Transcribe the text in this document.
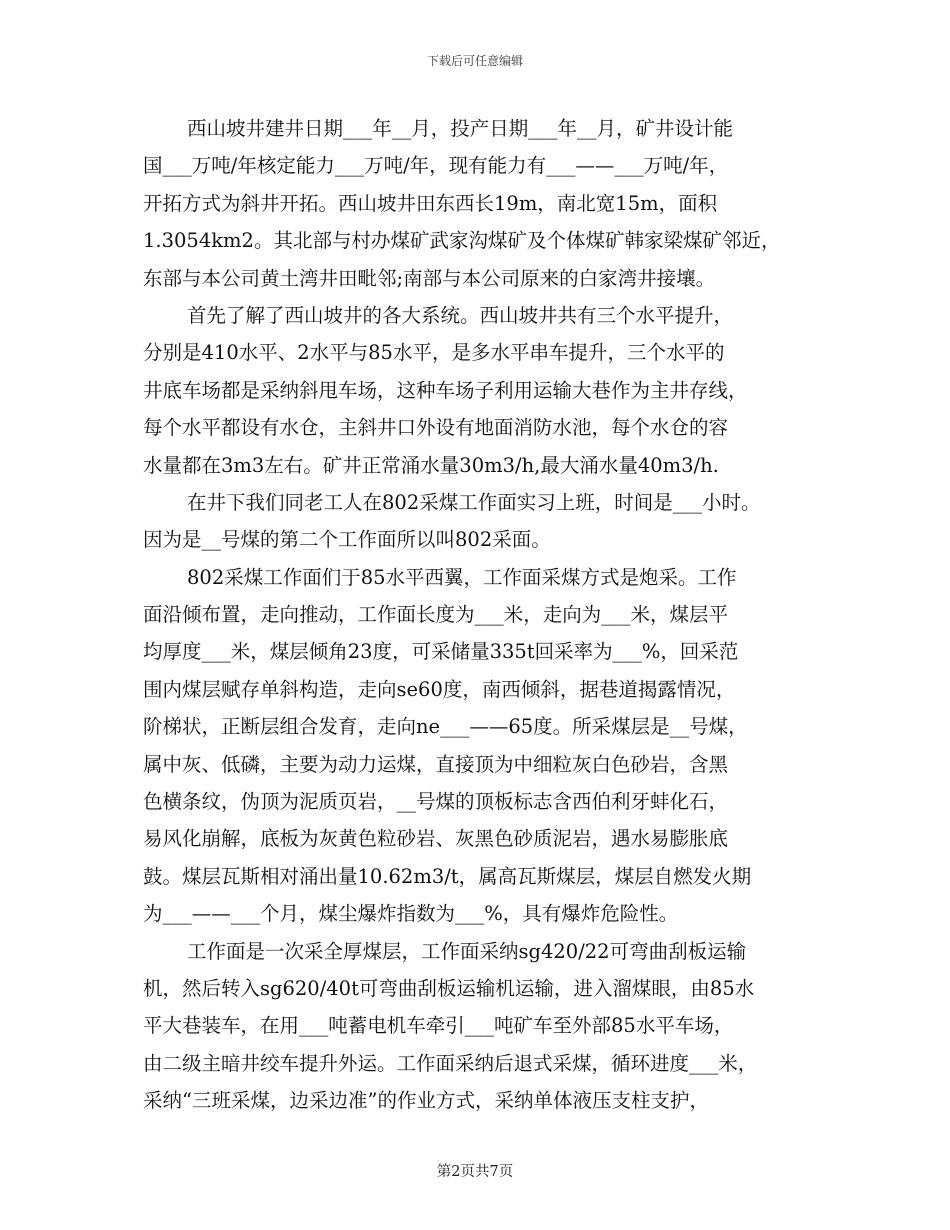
下载后可任意编辑
西山坡井建井日期___年__月，投产日期___年__月，矿井设计能
国___万吨/年核定能力___万吨/年，现有能力有___——___万吨/年，
开拓方式为斜井开拓。西山坡井田东西长19m，南北宽15m，面积
1.3054km2。其北部与村办煤矿武家沟煤矿及个体煤矿韩家梁煤矿邻近，
东部与本公司黄土湾井田毗邻;南部与本公司原来的白家湾井接壤。
首先了解了西山坡井的各大系统。西山坡井共有三个水平提升，
分别是410水平、2水平与85水平，是多水平串车提升，三个水平的
井底车场都是采纳斜甩车场，这种车场子利用运输大巷作为主井存线，
每个水平都设有水仓，主斜井口外设有地面消防水池，每个水仓的容
水量都在3m3左右。矿井正常涌水量30m3/h,最大涌水量40m3/h.
在井下我们同老工人在802采煤工作面实习上班，时间是___小时。
因为是__号煤的第二个工作面所以叫802采面。
802采煤工作面们于85水平西翼，工作面采煤方式是炮采。工作
面沿倾布置，走向推动，工作面长度为___米，走向为___米，煤层平
均厚度___米，煤层倾角23度，可采储量335t回采率为___%，回采范
围内煤层赋存单斜构造，走向se60度，南西倾斜，据巷道揭露情况，
阶梯状，正断层组合发育，走向ne___——65度。所采煤层是__号煤，
属中灰、低磷，主要为动力运煤，直接顶为中细粒灰白色砂岩，含黑
色横条纹，伪顶为泥质页岩，__号煤的顶板标志含西伯利牙蚌化石，
易风化崩解，底板为灰黄色粒砂岩、灰黑色砂质泥岩，遇水易膨胀底
鼓。煤层瓦斯相对涌出量10.62m3/t，属高瓦斯煤层，煤层自燃发火期
为___——___个月，煤尘爆炸指数为___%，具有爆炸危险性。
工作面是一次采全厚煤层，工作面采纳sg420/22可弯曲刮板运输
机，然后转入sg620/40t可弯曲刮板运输机运输，进入溜煤眼，由85水
平大巷装车，在用___吨蓄电机车牵引___吨矿车至外部85水平车场，
由二级主暗井绞车提升外运。工作面采纳后退式采煤，循环进度___米，
采纳“三班采煤，边采边准”的作业方式，采纳单体液压支柱支护，
第2页共7页
